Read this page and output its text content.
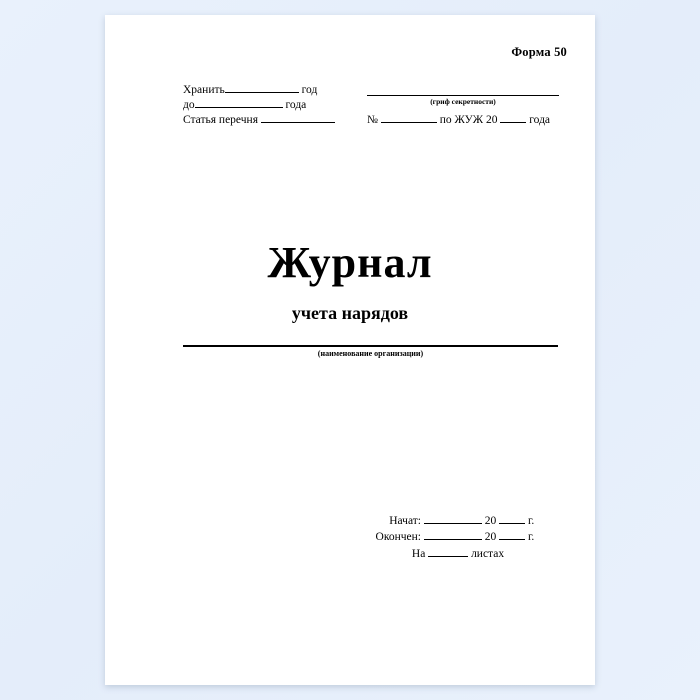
Форма 50
Хранить	год
до	года
Статья перечня
(гриф секретности)
№	по ЖУЖ 20	года
Журнал
учета нарядов
(наименование организации)
Начат:	20	г.
Окончен:	20	г.
На	листах
